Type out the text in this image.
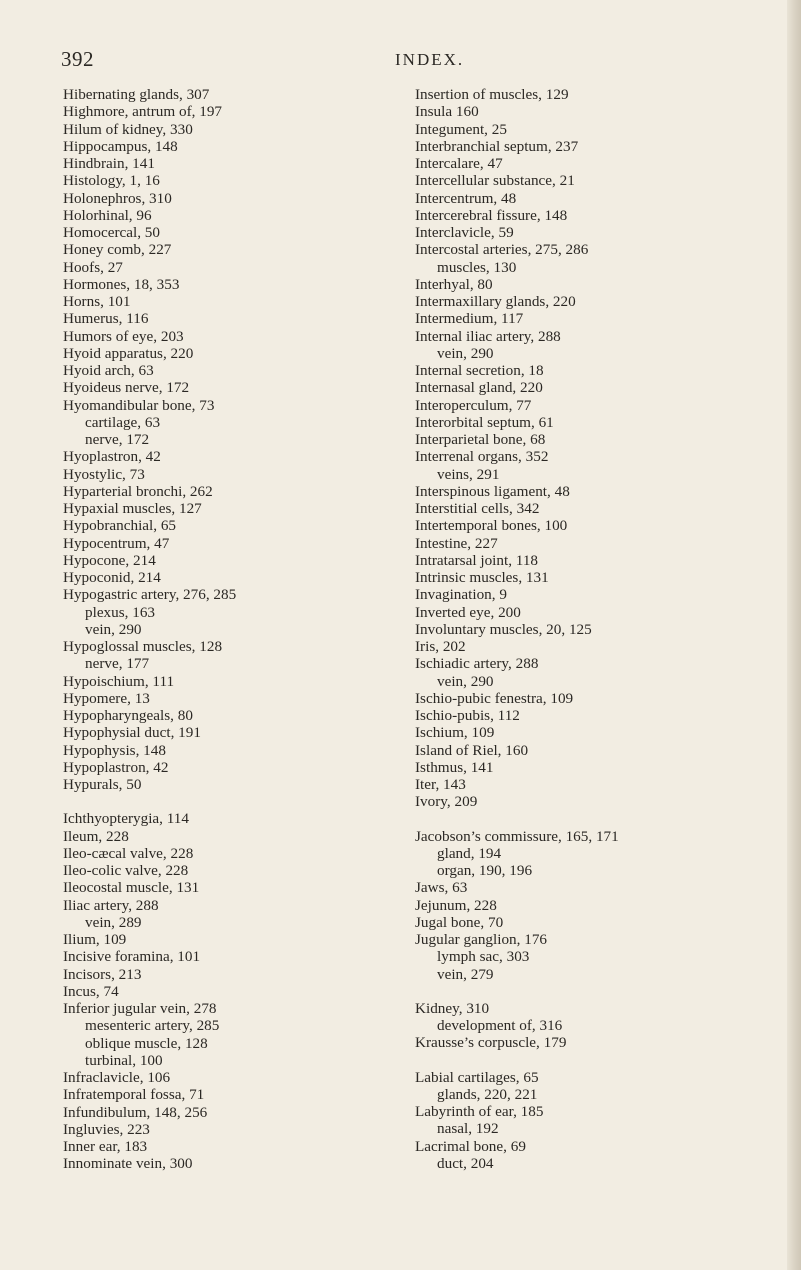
392	INDEX.
Hibernating glands, 307
Highmore, antrum of, 197
Hilum of kidney, 330
Hippocampus, 148
Hindbrain, 141
Histology, 1, 16
Holonephros, 310
Holorhinal, 96
Homocercal, 50
Honey comb, 227
Hoofs, 27
Hormones, 18, 353
Horns, 101
Humerus, 116
Humors of eye, 203
Hyoid apparatus, 220
Hyoid arch, 63
Hyoideus nerve, 172
Hyomandibular bone, 73
cartilage, 63
nerve, 172
Hyoplastron, 42
Hyostylic, 73
Hyparterial bronchi, 262
Hypaxial muscles, 127
Hypobranchial, 65
Hypocentrum, 47
Hypocone, 214
Hypoconid, 214
Hypogastric artery, 276, 285
plexus, 163
vein, 290
Hypoglossal muscles, 128
nerve, 177
Hypoischium, 111
Hypomere, 13
Hypopharyngeals, 80
Hypophysial duct, 191
Hypophysis, 148
Hypoplastron, 42
Hypurals, 50
Ichthyopterygia, 114
Ileum, 228
Ileo-cæcal valve, 228
Ileo-colic valve, 228
Ileocostal muscle, 131
Iliac artery, 288
vein, 289
Ilium, 109
Incisive foramina, 101
Incisors, 213
Incus, 74
Inferior jugular vein, 278
mesenteric artery, 285
oblique muscle, 128
turbinal, 100
Infraclavicle, 106
Infratemporal fossa, 71
Infundibulum, 148, 256
Ingluvies, 223
Inner ear, 183
Innominate vein, 300
Insertion of muscles, 129
Insula 160
Integument, 25
Interbranchial septum, 237
Intercalare, 47
Intercellular substance, 21
Intercentrum, 48
Intercerebral fissure, 148
Interclavicle, 59
Intercostal arteries, 275, 286
muscles, 130
Interhyal, 80
Intermaxillary glands, 220
Intermedium, 117
Internal iliac artery, 288
vein, 290
Internal secretion, 18
Internasal gland, 220
Interoperculum, 77
Interorbital septum, 61
Interparietal bone, 68
Interrenal organs, 352
veins, 291
Interspinous ligament, 48
Interstitial cells, 342
Intertemporal bones, 100
Intestine, 227
Intratarsal joint, 118
Intrinsic muscles, 131
Invagination, 9
Inverted eye, 200
Involuntary muscles, 20, 125
Iris, 202
Ischiadic artery, 288
vein, 290
Ischio-pubic fenestra, 109
Ischio-pubis, 112
Ischium, 109
Island of Riel, 160
Isthmus, 141
Iter, 143
Ivory, 209
Jacobson’s commissure, 165, 171
gland, 194
organ, 190, 196
Jaws, 63
Jejunum, 228
Jugal bone, 70
Jugular ganglion, 176
lymph sac, 303
vein, 279
Kidney, 310
development of, 316
Krausse’s corpuscle, 179
Labial cartilages, 65
glands, 220, 221
Labyrinth of ear, 185
nasal, 192
Lacrimal bone, 69
duct, 204
